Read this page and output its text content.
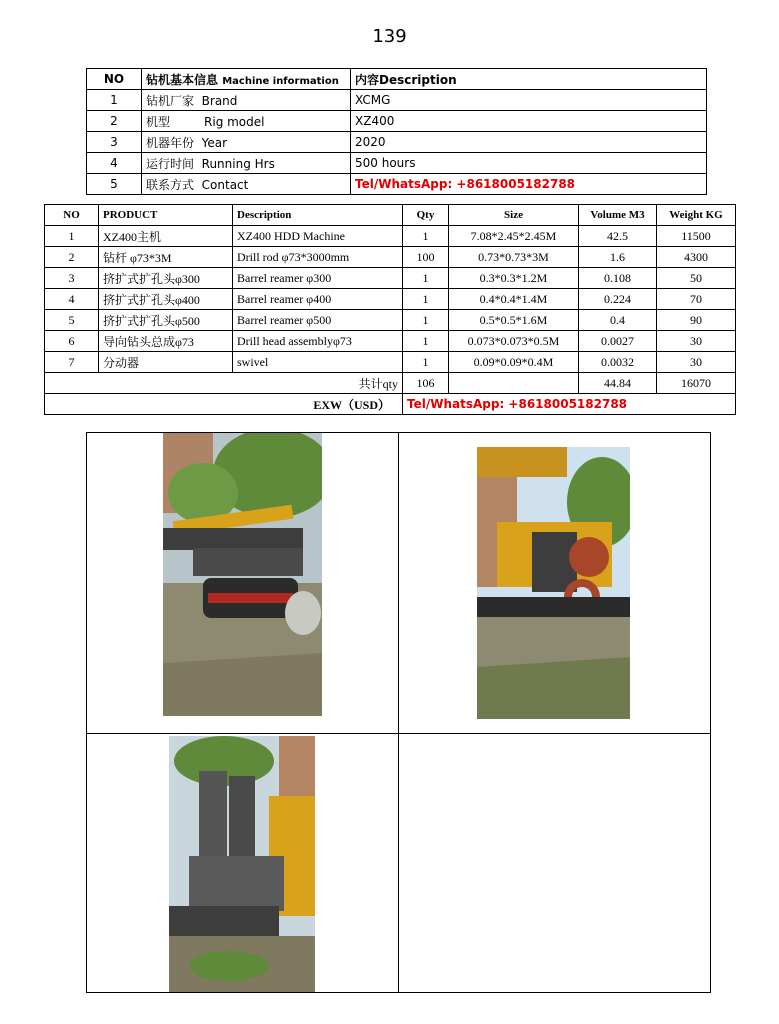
139
NO	钻机基本信息 Machine information	内容Description
1	钻机厂家 Brand	XCMG
2	机型 Rig model	XZ400
3	机器年份 Year	2020
4	运行时间 Running Hrs	500 hours
5	联系方式 Contact	Tel/WhatsApp: +8618005182788
NO	PRODUCT	Description	Qty	Size	Volume M3	Weight KG
1	XZ400主机	XZ400 HDD Machine	1	7.08*2.45*2.45M	42.5	11500
2	钻杆 φ73*3M	Drill rod φ73*3000mm	100	0.73*0.73*3M	1.6	4300
3	挤扩式扩孔头φ300	Barrel reamer φ300	1	0.3*0.3*1.2M	0.108	50
4	挤扩式扩孔头φ400	Barrel reamer φ400	1	0.4*0.4*1.4M	0.224	70
5	挤扩式扩孔头φ500	Barrel reamer φ500	1	0.5*0.5*1.6M	0.4	90
6	导向钻头总成φ73	Drill head assemblyφ73	1	0.073*0.073*0.5M	0.0027	30
7	分动器	swivel	1	0.09*0.09*0.4M	0.0032	30
共计qty			106		44.84	16070
EXW（USD）			Tel/WhatsApp: +8618005182788			
